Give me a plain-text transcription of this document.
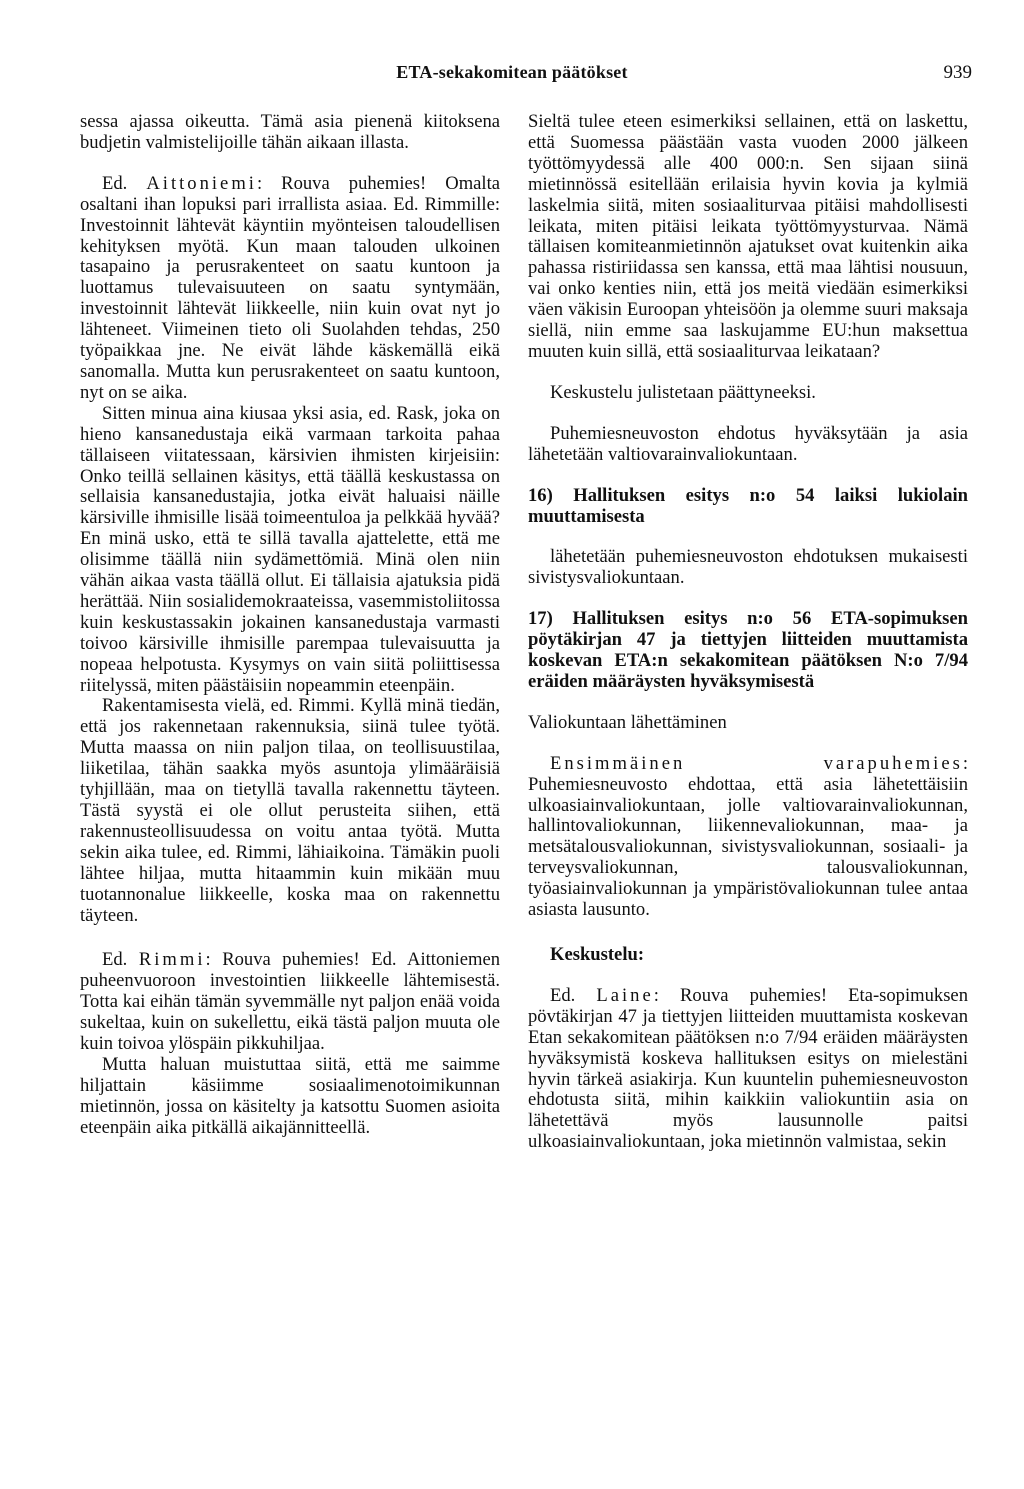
ETA-sekakomitean päätökset	939

sessa ajassa oikeutta. Tämä asia pienenä kiitoksena budjetin valmistelijoille tähän aikaan illasta.

Ed. Aittoniemi: Rouva puhemies! Omalta osaltani ihan lopuksi pari irrallista asiaa. Ed. Rimmille: Investoinnit lähtevät käyntiin myönteisen taloudellisen kehityksen myötä. Kun maan talouden ulkoinen tasapaino ja perusrakenteet on saatu kuntoon ja luottamus tulevaisuuteen on saatu syntymään, investoinnit lähtevät liikkeelle, niin kuin ovat nyt jo lähteneet. Viimeinen tieto oli Suolahden tehdas, 250 työpaikkaa jne. Ne eivät lähde käskemällä eikä sanomalla. Mutta kun perusrakenteet on saatu kuntoon, nyt on se aika.

Sitten minua aina kiusaa yksi asia, ed. Rask, joka on hieno kansanedustaja eikä varmaan tarkoita pahaa tällaiseen viitatessaan, kärsivien ihmisten kirjeisiin: Onko teillä sellainen käsitys, että täällä keskustassa on sellaisia kansanedustajia, jotka eivät haluaisi näille kärsiville ihmisille lisää toimeentuloa ja pelkkää hyvää? En minä usko, että te sillä tavalla ajattelette, että me olisimme täällä niin sydämettömiä. Minä olen niin vähän aikaa vasta täällä ollut. Ei tällaisia ajatuksia pidä herättää. Niin sosialidemokraateissa, vasemmistoliitossa kuin keskustassakin jokainen kansanedustaja varmasti toivoo kärsiville ihmisille parempaa tulevaisuutta ja nopeaa helpotusta. Kysymys on vain siitä poliittisessa riitelyssä, miten päästäisiin nopeammin eteenpäin.

Rakentamisesta vielä, ed. Rimmi. Kyllä minä tiedän, että jos rakennetaan rakennuksia, siinä tulee työtä. Mutta maassa on niin paljon tilaa, on teollisuustilaa, liiketilaa, tähän saakka myös asuntoja ylimääräisiä tyhjillään, maa on tietyllä tavalla rakennettu täyteen. Tästä syystä ei ole ollut perusteita siihen, että rakennusteollisuudessa on voitu antaa työtä. Mutta sekin aika tulee, ed. Rimmi, lähiaikoina. Tämäkin puoli lähtee hiljaa, mutta hitaammin kuin mikään muu tuotannonalue liikkeelle, koska maa on rakennettu täyteen.

Ed. Rimmi: Rouva puhemies! Ed. Aittoniemen puheenvuoroon investointien liikkeelle lähtemisestä. Totta kai eihän tämän syvemmälle nyt paljon enää voida sukeltaa, kuin on sukellettu, eikä tästä paljon muuta ole kuin toivoa ylöspäin pikkuhiljaa.

Mutta haluan muistuttaa siitä, että me saimme hiljattain käsiimme sosiaalimenotoimikunnan mietinnön, jossa on käsitelty ja katsottu Suomen asioita eteenpäin aika pitkällä aikajännitteellä.

Sieltä tulee eteen esimerkiksi sellainen, että on laskettu, että Suomessa päästään vasta vuoden 2000 jälkeen työttömyydessä alle 400 000:n. Sen sijaan siinä mietinnössä esitellään erilaisia hyvin kovia ja kylmiä laskelmia siitä, miten sosiaaliturvaa pitäisi mahdollisesti leikata, miten pitäisi leikata työttömyysturvaa. Nämä tällaisen komiteanmietinnön ajatukset ovat kuitenkin aika pahassa ristiriidassa sen kanssa, että maa lähtisi nousuun, vai onko kenties niin, että jos meitä viedään esimerkiksi väen väkisin Euroopan yhteisöön ja olemme suuri maksaja siellä, niin emme saa laskujamme EU:hun maksettua muuten kuin sillä, että sosiaaliturvaa leikataan?

Keskustelu julistetaan päättyneeksi.

Puhemiesneuvoston ehdotus hyväksytään ja asia lähetetään valtiovarainvaliokuntaan.

16) Hallituksen esitys n:o 54 laiksi lukiolain muuttamisesta

lähetetään puhemiesneuvoston ehdotuksen mukaisesti sivistysvaliokuntaan.

17) Hallituksen esitys n:o 56 ETA-sopimuksen pöytäkirjan 47 ja tiettyjen liitteiden muuttamista koskevan ETA:n sekakomitean päätöksen N:o 7/94 eräiden määräysten hyväksymisestä

Valiokuntaan lähettäminen

Ensimmäinen varapuhemies: Puhemiesneuvosto ehdottaa, että asia lähetettäisiin ulkoasiainvaliokuntaan, jolle valtiovarainvaliokunnan, hallintovaliokunnan, liikennevaliokunnan, maa- ja metsätalousvaliokunnan, sivistysvaliokunnan, sosiaali- ja terveysvaliokunnan, talousvaliokunnan, työasiainvaliokunnan ja ympäristövaliokunnan tulee antaa asiasta lausunto.

Keskustelu:

Ed. Laine: Rouva puhemies! Eta-sopimuksen pövtäkirjan 47 ja tiettyjen liitteiden muuttamista κoskevan Etan sekakomitean päätöksen n:o 7/94 eräiden määräysten hyväksymistä koskeva hallituksen esitys on mielestäni hyvin tärkeä asiakirja. Kun kuuntelin puhemiesneuvoston ehdotusta siitä, mihin kaikkiin valiokuntiin asia on lähetettävä myös lausunnolle paitsi ulkoasiainvaliokuntaan, joka mietinnön valmistaa, sekin
